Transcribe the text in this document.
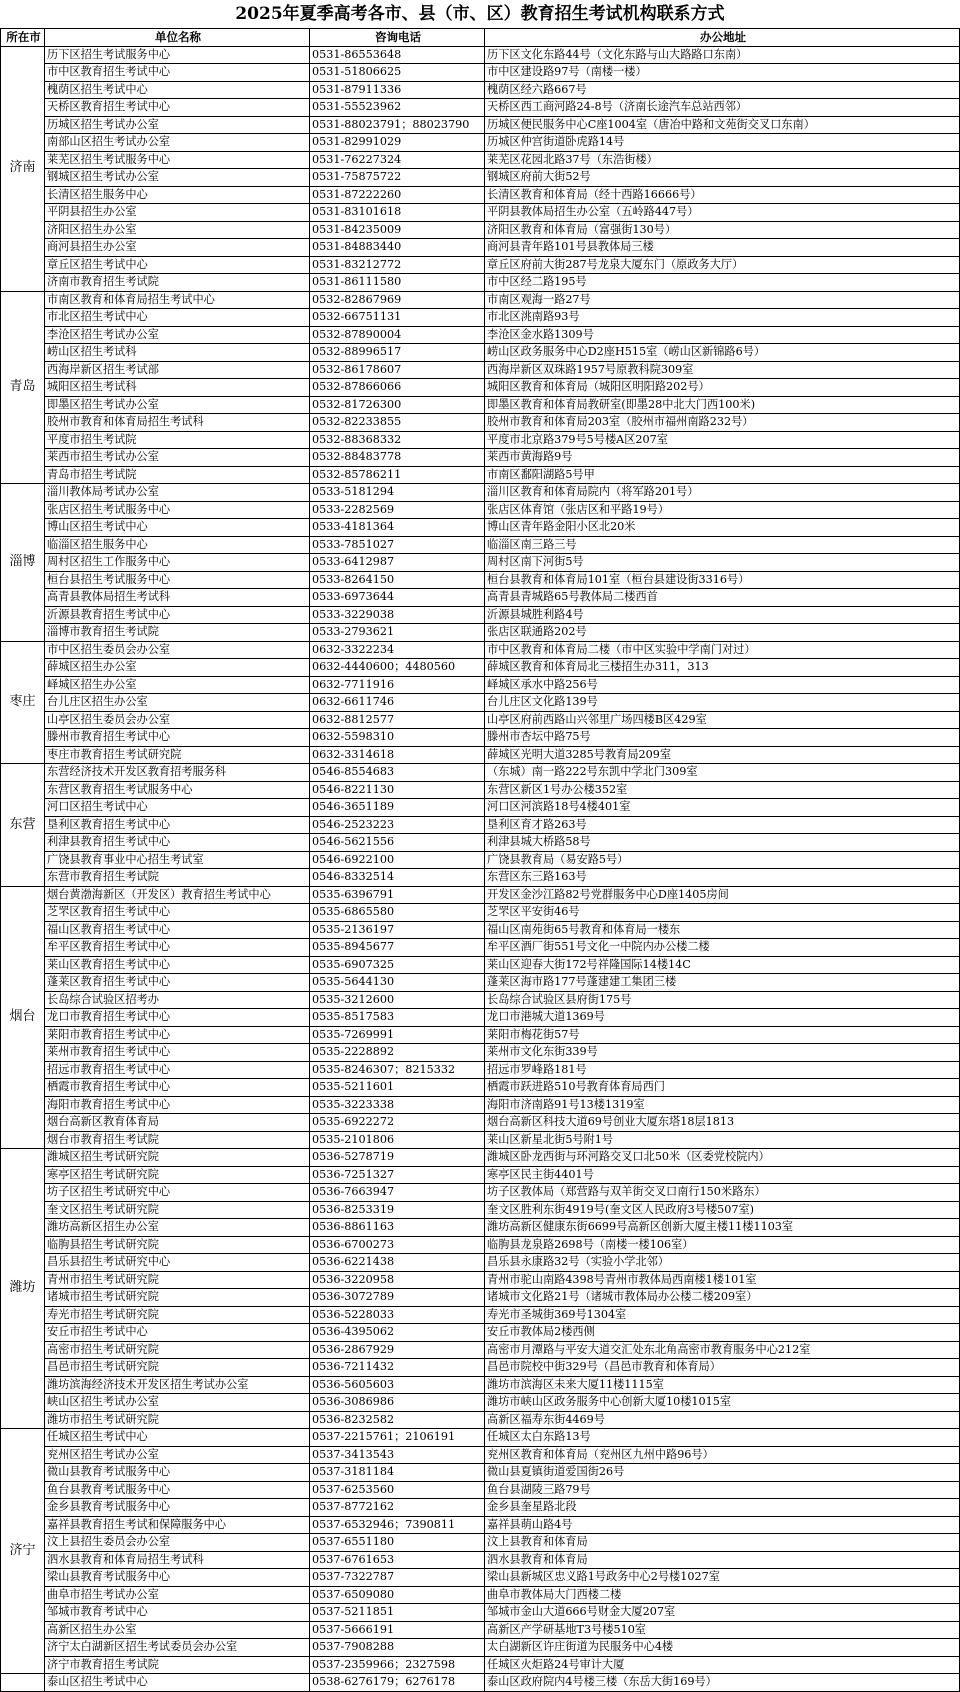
2025年夏季高考各市、县（市、区）教育招生考试机构联系方式
所在市	单位名称	咨询电话	办公地址
济南	历下区招生考试服务中心	0531-86553648	历下区文化东路44号（文化东路与山大路路口东南）
	市中区教育招生考试中心	0531-51806625	市中区建设路97号（南楼一楼）
	槐荫区招生考试中心	0531-87911336	槐荫区经六路667号
	天桥区教育招生考试中心	0531-55523962	天桥区西工商河路24-8号（济南长途汽车总站西邻）
	历城区招生考试办公室	0531-88023791；88023790	历城区便民服务中心C座1004室（唐冶中路和文苑街交叉口东南）
	南部山区招生考试办公室	0531-82991029	历城区仲宫街道卧虎路14号
	莱芜区招生考试服务中心	0531-76227324	莱芜区花园北路37号（东浩街楼）
	钢城区招生考试办公室	0531-75875722	钢城区府前大街52号
	长清区招生服务中心	0531-87222260	长清区教育和体育局（经十西路16666号）
	平阴县招生办公室	0531-83101618	平阴县教体局招生办公室（五岭路447号）
	济阳区招生办公室	0531-84235009	济阳区教育和体育局（富强街130号）
	商河县招生办公室	0531-84883440	商河县青年路101号县教体局三楼
	章丘区招生考试中心	0531-83212772	章丘区府前大街287号龙泉大厦东门（原政务大厅）
	济南市教育招生考试院	0531-86111580	市中区经二路195号
青岛	市南区教育和体育局招生考试中心	0532-82867969	市南区观海一路27号
	市北区招生考试中心	0532-66751131	市北区洮南路93号
	李沧区招生考试办公室	0532-87890004	李沧区金水路1309号
	崂山区招生考试科	0532-88996517	崂山区政务服务中心D2座H515室（崂山区新锦路6号）
	西海岸新区招生考试部	0532-86178607	西海岸新区双珠路1957号原教科院309室
	城阳区招生考试科	0532-87866066	城阳区教育和体育局（城阳区明阳路202号）
	即墨区招生考试办公室	0532-81726300	即墨区教育和体育局教研室(即墨28中北大门西100米)
	胶州市教育和体育局招生考试科	0532-82233855	胶州市教育和体育局203室（胶州市福州南路232号）
	平度市招生考试院	0532-88368332	平度市北京路379号5号楼A区207室
	莱西市招生考试办公室	0532-88483778	莱西市黄海路9号
	青岛市招生考试院	0532-85786211	市南区鄱阳湖路5号甲
淄博	淄川教体局考试办公室	0533-5181294	淄川区教育和体育局院内（将军路201号）
	张店区招生考试服务中心	0533-2282569	张店区体育馆（张店区和平路19号）
	博山区招生考试中心	0533-4181364	博山区青年路金阳小区北20米
	临淄区招生服务中心	0533-7851027	临淄区南三路三号
	周村区招生工作服务中心	0533-6412987	周村区南下河街5号
	桓台县招生考试服务中心	0533-8264150	桓台县教育和体育局101室（桓台县建设街3316号）
	高青县教体局招生考试科	0533-6973644	高青县青城路65号教体局二楼西首
	沂源县教育招生考试中心	0533-3229038	沂源县城胜利路4号
	淄博市教育招生考试院	0533-2793621	张店区联通路202号
枣庄	市中区招生委员会办公室	0632-3322234	市中区教育和体育局二楼（市中区实验中学南门对过）
	薛城区招生办公室	0632-4440600；4480560	薛城区教育和体育局北三楼招生办311，313
	峄城区招生办公室	0632-7711916	峄城区承水中路256号
	台儿庄区招生办公室	0632-6611746	台儿庄区文化路139号
	山亭区招生委员会办公室	0632-8812577	山亭区府前西路山兴邻里广场四楼B区429室
	滕州市教育招生考试中心	0632-5598310	滕州市杏坛中路75号
	枣庄市教育招生考试研究院	0632-3314618	薛城区光明大道3285号教育局209室
东营	东营经济技术开发区教育招考服务科	0546-8554683	（东城）南一路222号东凯中学北门309室
	东营区教育招生考试服务中心	0546-8221130	东营区新区1号办公楼352室
	河口区招生考试中心	0546-3651189	河口区河滨路18号4楼401室
	垦利区教育招生考试中心	0546-2523223	垦利区育才路263号
	利津县教育招生考试中心	0546-5621556	利津县城大桥路58号
	广饶县教育事业中心招生考试室	0546-6922100	广饶县教育局（易安路5号）
	东营市教育招生考试院	0546-8332514	东营区东三路163号
烟台	烟台黄渤海新区（开发区）教育招生考试中心	0535-6396791	开发区金沙江路82号党群服务中心D座1405房间
	芝罘区教育招生考试中心	0535-6865580	芝罘区平安街46号
	福山区教育招生考试中心	0535-2136197	福山区南苑街65号教育和体育局一楼东
	牟平区教育招生考试中心	0535-8945677	牟平区酒厂街551号文化一中院内办公楼二楼
	莱山区教育招生考试中心	0535-6907325	莱山区迎春大街172号祥隆国际14楼14C
	蓬莱区教育招生考试中心	0535-5644130	蓬莱区海市路177号蓬建建工集团三楼
	长岛综合试验区招考办	0535-3212600	长岛综合试验区县府街175号
	龙口市教育招生考试中心	0535-8517583	龙口市港城大道1369号
	莱阳市教育招生考试中心	0535-7269991	莱阳市梅花街57号
	莱州市教育招生考试中心	0535-2228892	莱州市文化东街339号
	招远市教育招生考试中心	0535-8246307；8215332	招远市罗峰路181号
	栖霞市教育招生考试中心	0535-5211601	栖霞市跃进路510号教育体育局西门
	海阳市教育招生考试中心	0535-3223338	海阳市济南路91号13楼1319室
	烟台高新区教育体育局	0535-6922272	烟台高新区科技大道69号创业大厦东塔18层1813
	烟台市教育招生考试院	0535-2101806	莱山区新星北街5号附1号
潍坊	潍城区招生考试研究院	0536-5278719	潍城区卧龙西街与环河路交叉口北50米（区委党校院内）
	寒亭区招生考试研究院	0536-7251327	寒亭区民主街4401号
	坊子区招生考试研究中心	0536-7663947	坊子区教体局（郑营路与双羊街交叉口南行150米路东）
	奎文区招生考试研究院	0536-8253319	奎文区胜利东街4919号(奎文区人民政府3号楼507室)
	潍坊高新区招生办公室	0536-8861163	潍坊高新区健康东街6699号高新区创新大厦主楼11楼1103室
	临朐县招生考试研究院	0536-6700273	临朐县龙泉路2698号（南楼一楼106室）
	昌乐县招生考试研究中心	0536-6221438	昌乐县永康路32号（实验小学北邻）
	青州市招生考试研究院	0536-3220958	青州市驼山南路4398号青州市教体局西南楼1楼101室
	诸城市招生考试研究院	0536-3072789	诸城市文化路21号（诸城市教体局办公楼二楼209室）
	寿光市招生考试研究院	0536-5228033	寿光市圣城街369号1304室
	安丘市招生考试中心	0536-4395062	安丘市教体局2楼西侧
	高密市招生考试研究院	0536-2867929	高密市月潭路与平安大道交汇处东北角高密市教育服务中心212室
	昌邑市招生考试研究院	0536-7211432	昌邑市院校中街329号（昌邑市教育和体育局）
	潍坊滨海经济技术开发区招生考试办公室	0536-5605603	潍坊市滨海区未来大厦11楼1115室
	峡山区招生考试办公室	0536-3086986	潍坊市峡山区政务服务中心创新大厦10楼1015室
	潍坊市招生考试研究院	0536-8232582	高新区福寿东街4469号
济宁	任城区招生考试中心	0537-2215761；2106191	任城区太白东路13号
	兖州区招生考试办公室	0537-3413543	兖州区教育和体育局（兖州区九州中路96号）
	微山县教育考试服务中心	0537-3181184	微山县夏镇街道爱国街26号
	鱼台县教育考试服务中心	0537-6253560	鱼台县湖陵三路79号
	金乡县教育考试服务中心	0537-8772162	金乡县奎星路北段
	嘉祥县教育招生考试和保障服务中心	0537-6532946；7390811	嘉祥县萌山路4号
	汶上县招生委员会办公室	0537-6551180	汶上县教育和体育局
	泗水县教育和体育局招生考试科	0537-6761653	泗水县教育和体育局
	梁山县教育考试服务中心	0537-7322787	梁山县新城区忠义路1号政务中心2号楼1027室
	曲阜市招生考试办公室	0537-6509080	曲阜市教体局大门西楼二楼
	邹城市教育考试中心	0537-5211851	邹城市金山大道666号财金大厦207室
	高新区招生办公室	0537-5666191	高新区产学研基地T3号楼510室
	济宁太白湖新区招生考试委员会办公室	0537-7908288	太白湖新区许庄街道为民服务中心4楼
	济宁市教育招生考试院	0537-2359966；2327598	任城区火炬路24号审计大厦
	泰山区招生考试中心	0538-6276179；6276178	泰山区政府院内4号楼三楼（东岳大街169号）
